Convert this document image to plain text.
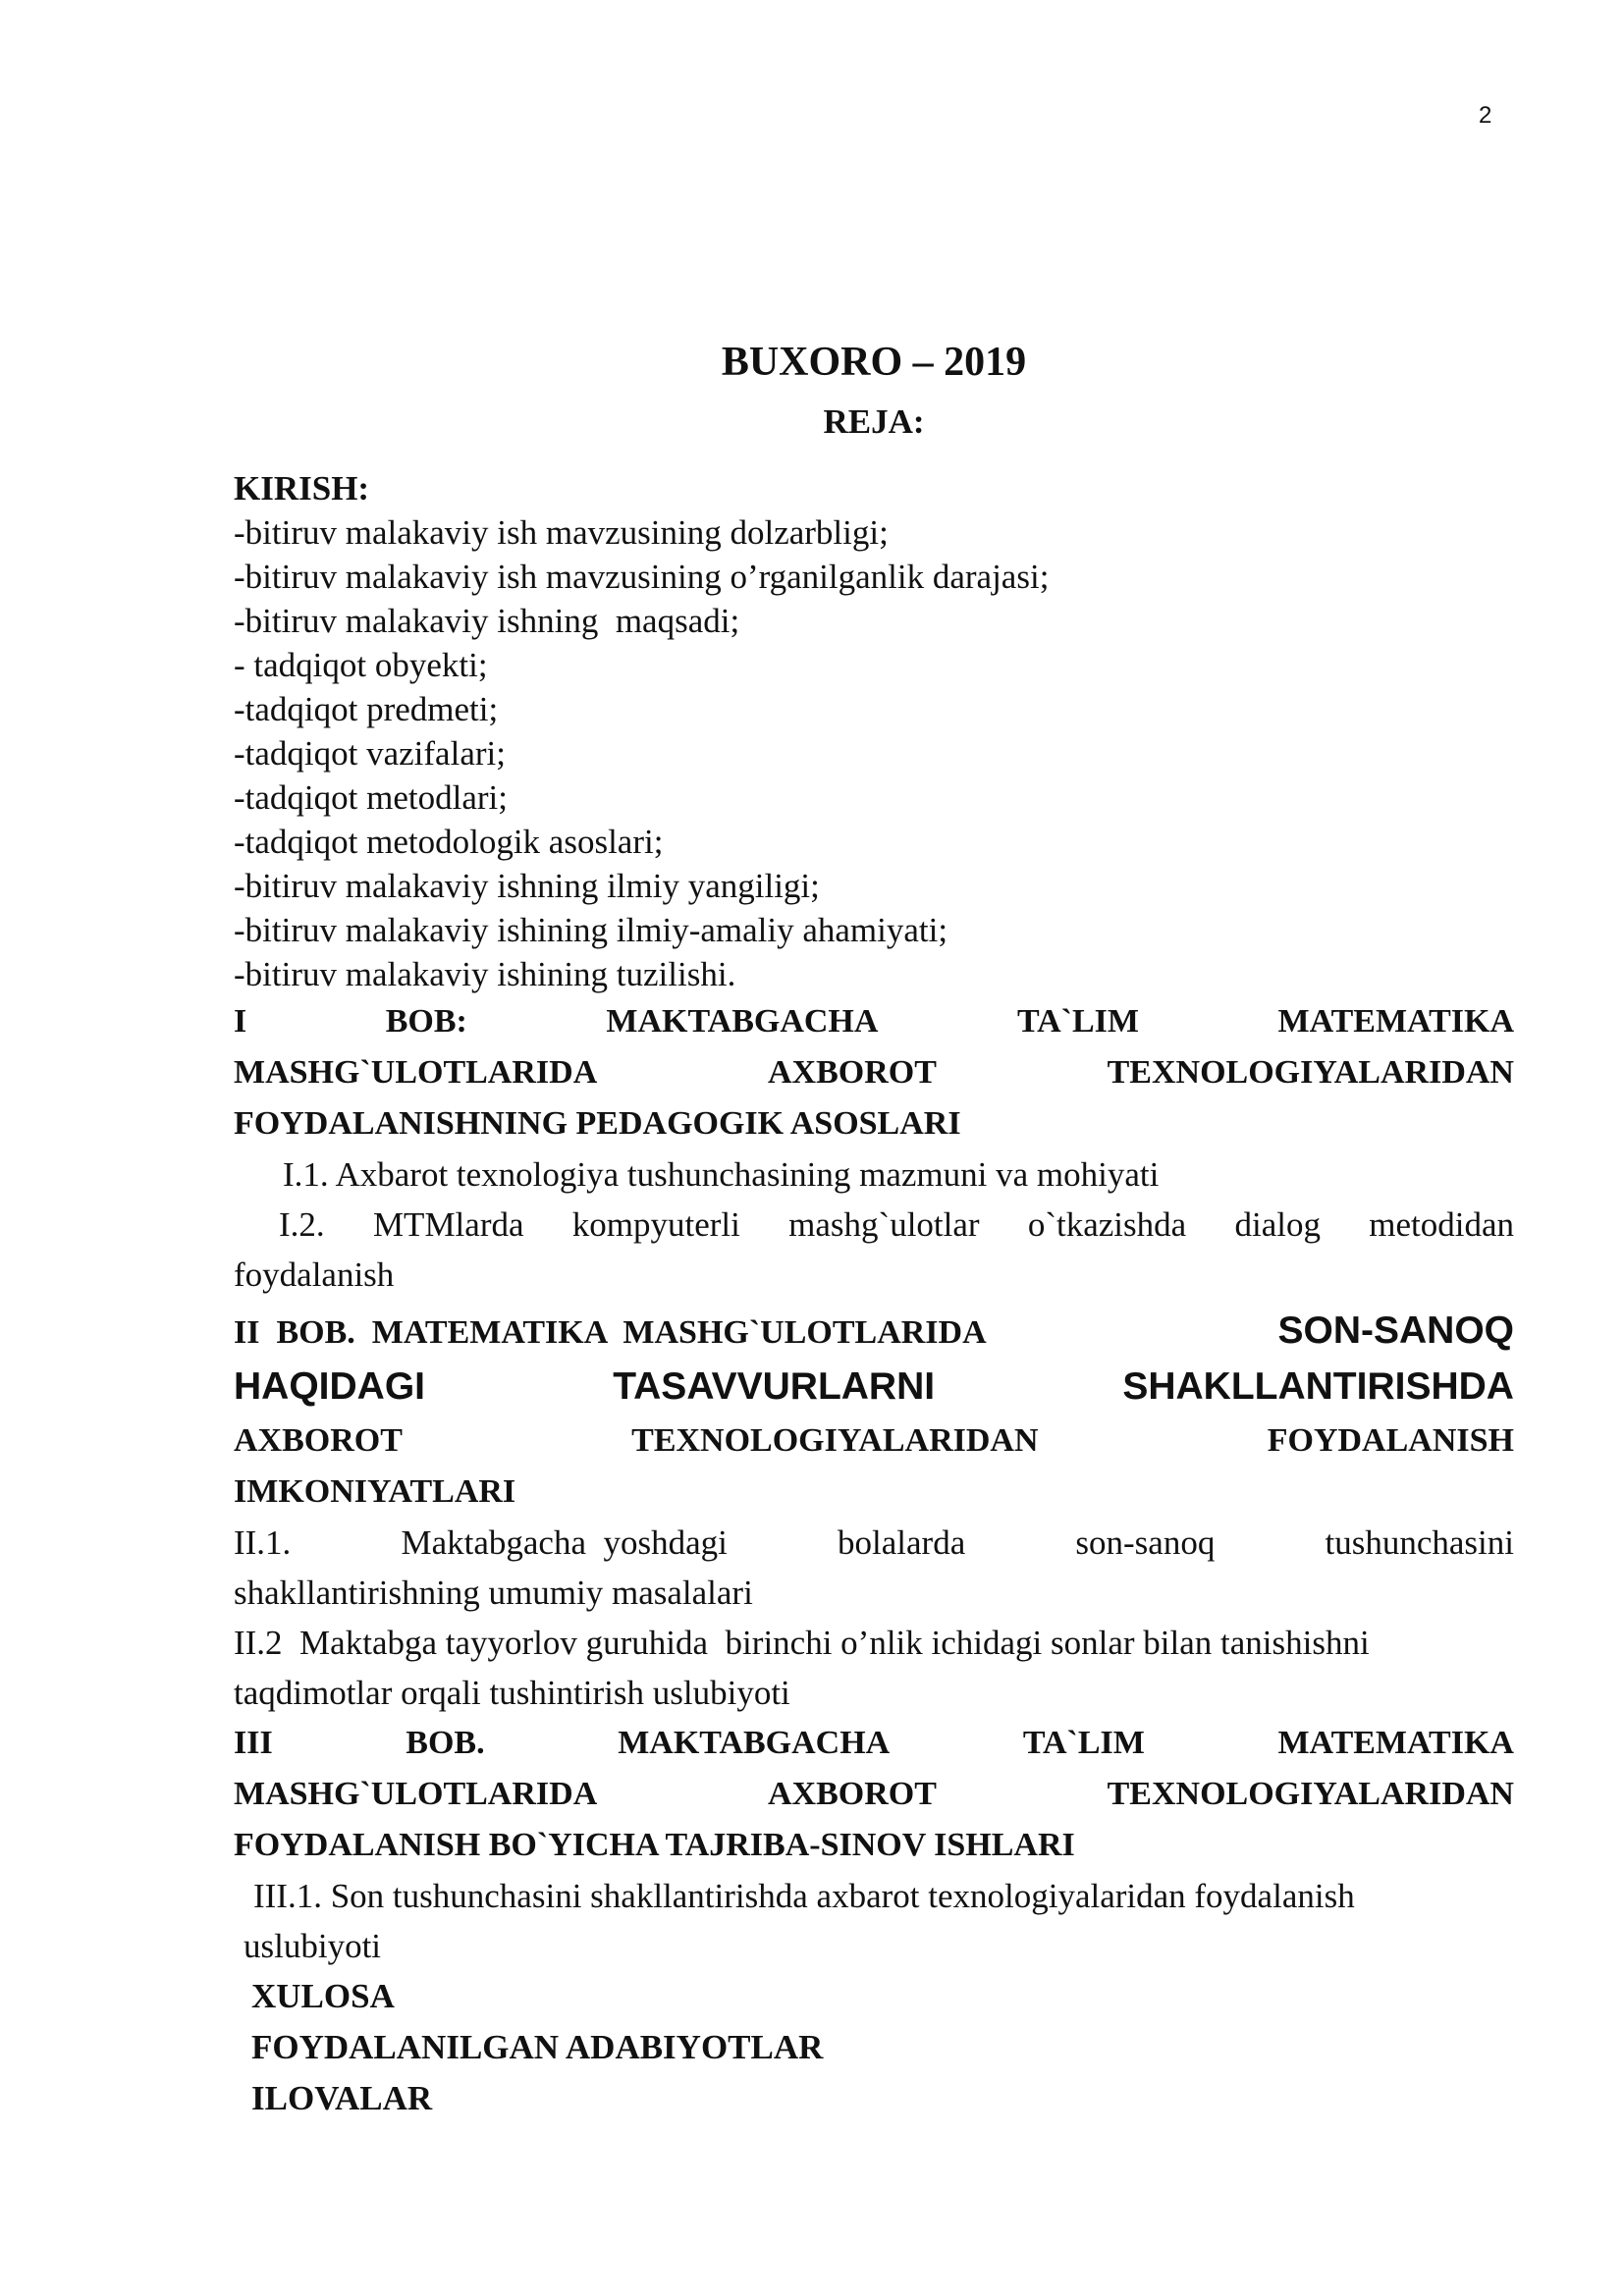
2
BUXORO – 2019
REJA:

KIRISH:

-bitiruv malakaviy ish mavzusining dolzarbligi;

-bitiruv malakaviy ish mavzusining o’rganilganlik darajasi;

-bitiruv malakaviy ishning  maqsadi;

- tadqiqot obyekti;

-tadqiqot predmeti;

-tadqiqot vazifalari;

-tadqiqot metodlari;

-tadqiqot metodologik asoslari;

-bitiruv malakaviy ishning ilmiy yangiligi;

-bitiruv malakaviy ishining ilmiy-amaliy ahamiyati;

-bitiruv malakaviy ishining tuzilishi.

I	BOB:	MAKTABGACHA	TA`LIM	MATEMATIKA
MASHG`ULOTLARIDA	AXBOROT	TEXNOLOGIYALARIDAN
FOYDALANISHNING PEDAGOGIK ASOSLARI
I.1. Axbarot texnologiya tushunchasining mazmuni va mohiyati
I.2. MTMlarda kompyuterli mashg`ulotlar o`tkazishda dialog metodidan
foydalanish
II  BOB.  MATEMATIKA  MASHG`ULOTLARIDA	SON-SANOQ
HAQIDAGI	TASAVVURLARNI	SHAKLLANTIRISHDA
AXBOROT	TEXNOLOGIYALARIDAN	FOYDALANISH
IMKONIYATLARI
II.1.	Maktabgacha  yoshdagi	bolalarda	son-sanoq	tushunchasini
shakllantirishning umumiy masalalari
II.2  Maktabga tayyorlov guruhida  birinchi o’nlik ichidagi sonlar bilan tanishishni
taqdimotlar orqali tushintirish uslubiyoti
III	BOB.	MAKTABGACHA	TA`LIM	MATEMATIKA
MASHG`ULOTLARIDA	AXBOROT	TEXNOLOGIYALARIDAN
FOYDALANISH BO`YICHA TAJRIBA-SINOV ISHLARI
III.1. Son tushunchasini shakllantirishda axbarot texnologiyalaridan foydalanish
uslubiyoti

XULOSA

FOYDALANILGAN ADABIYOTLAR

ILOVALAR
